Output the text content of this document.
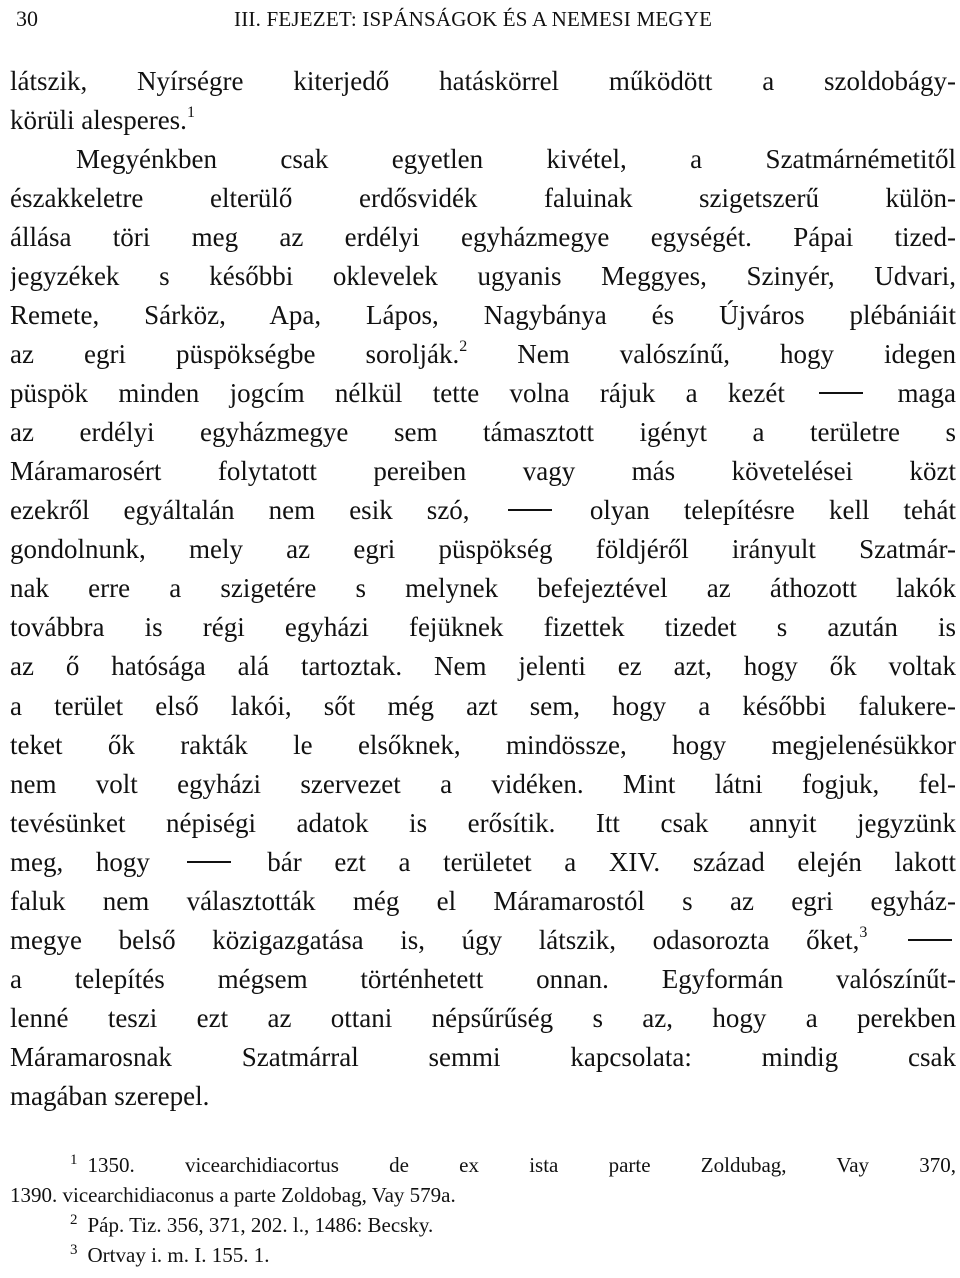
30	III. FEJEZET: ISPÁNSÁGOK ÉS A NEMESI MEGYE
látszik, Nyírségre kiterjedő hatáskörrel működött a szoldobágy-
körüli alesperes.$^1$
Megyénkben csak egyetlen kivétel, a Szatmárnémetitől
északkeletre elterülő erdősvidék faluinak szigetszerű külön-
állása töri meg az erdélyi egyházmegye egységét. Pápai tized-
jegyzékek s későbbi oklevelek ugyanis Meggyes, Szinyér, Udvari,
Remete, Sárköz, Apa, Lápos, Nagybánya és Újváros plébániáit
az egri püspökségbe sorolják.$^2$ Nem valószínű, hogy idegen
püspök minden jogcím nélkül tette volna rájuk a kezét	maga
az erdélyi egyházmegye sem támasztott igényt a területre s
Máramarosért folytatott pereiben vagy más követelései közt
ezekről egyáltalán nem esik szó,	olyan telepítésre kell tehát
gondolnunk, mely az egri püspökség földjéről irányult Szatmár-
nak erre a szigetére s melynek befejeztével az áthozott lakók
továbbra is régi egyházi fejüknek fizettek tizedet s azután is
az ő hatósága alá tartoztak. Nem jelenti ez azt, hogy ők voltak
a terület első lakói, sőt még azt sem, hogy a későbbi falukere-
teket ők rakták le elsőknek, mindössze, hogy megjelenésükkor
nem volt egyházi szervezet a vidéken. Mint látni fogjuk, fel-
tevésünket népiségi adatok is erősítik. Itt csak annyit jegyzünk
meg, hogy	bár ezt a területet a XIV. század elején lakott
faluk nem választották még el Máramarostól s az egri egyház-
megye belső közigazgatása is, úgy látszik, odasorozta őket,$^3$
a telepítés mégsem történhetett onnan. Egyformán valószínűt-
lenné teszi ezt az ottani népsűrűség s az, hogy a perekben
Máramarosnak Szatmárral semmi kapcsolata: mindig csak
magában szerepel.
$^1$ 1350. vicearchidiacortus de ex ista parte Zoldubag, Vay 370,
1390. vicearchidiaconus a parte Zoldobag, Vay 579a.
$^2$ Páp. Tiz. 356, 371, 202. l., 1486: Becsky.
$^3$ Ortvay i. m. I. 155. 1.
